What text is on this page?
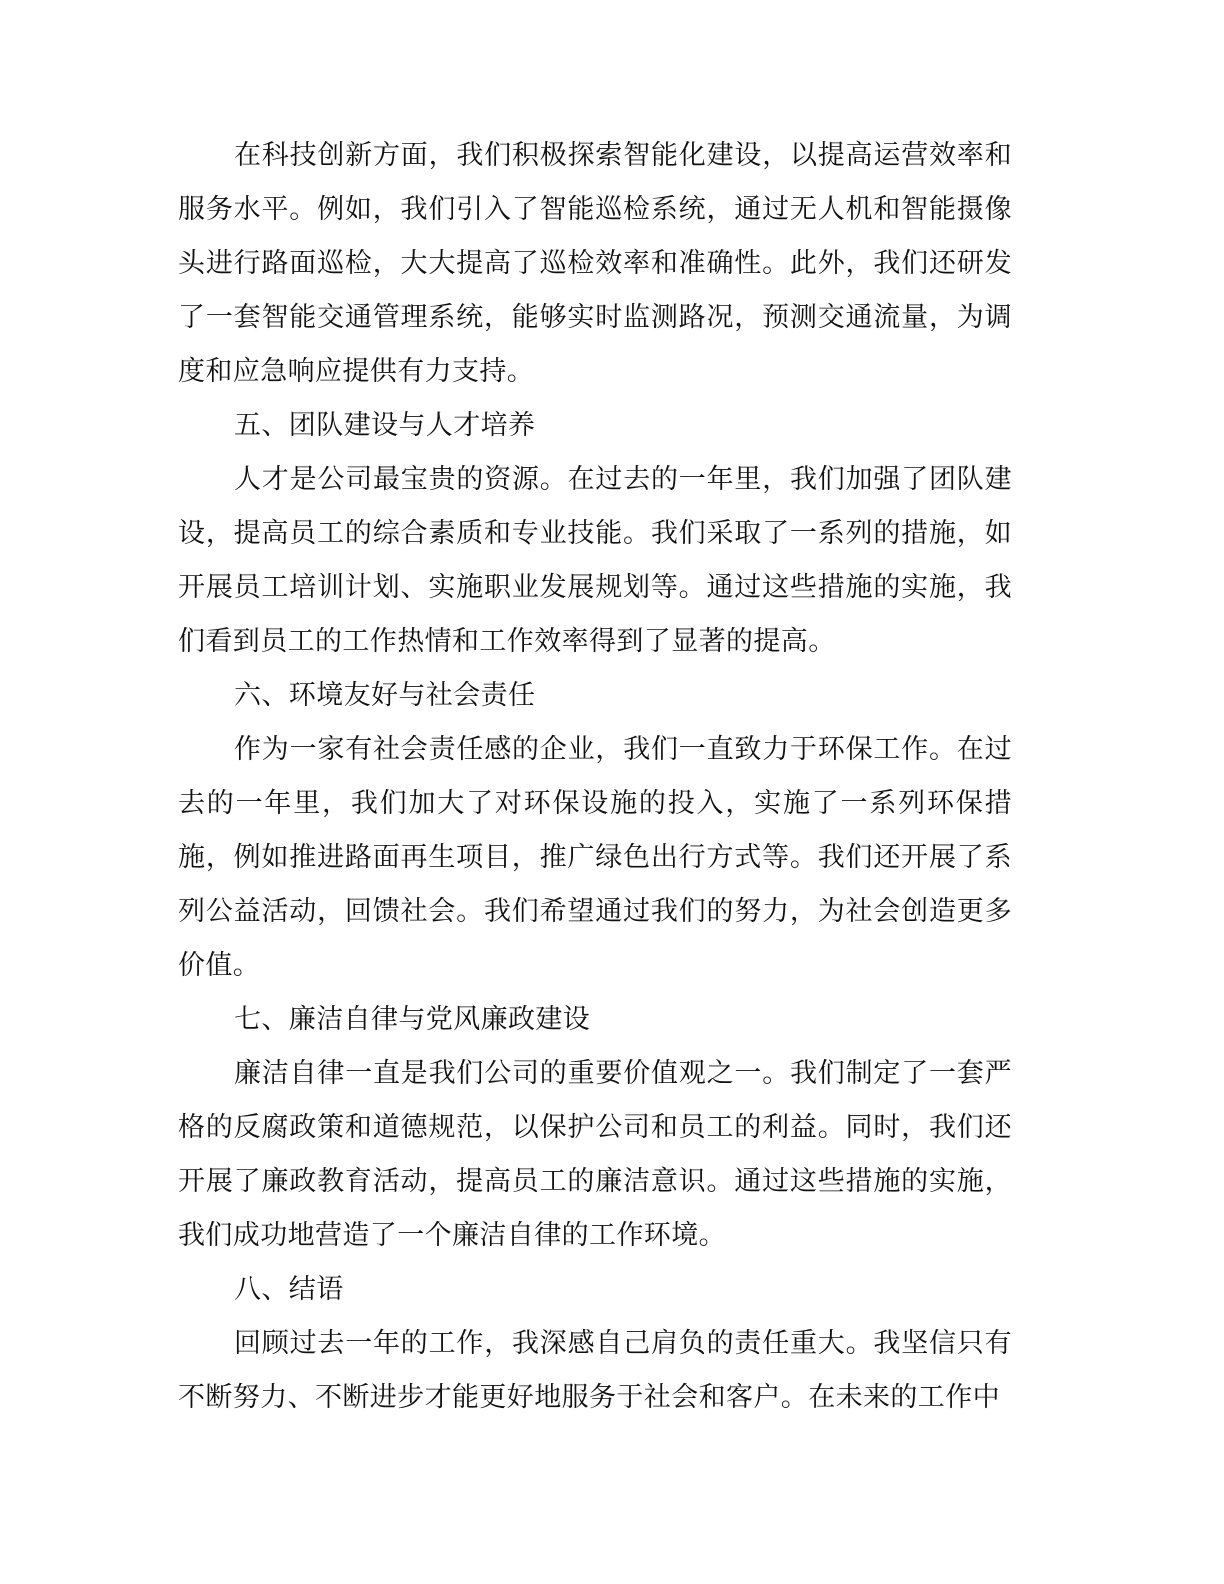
在科技创新方面，我们积极探索智能化建设，以提高运营效率和服务水平。例如，我们引入了智能巡检系统，通过无人机和智能摄像头进行路面巡检，大大提高了巡检效率和准确性。此外，我们还研发了一套智能交通管理系统，能够实时监测路况，预测交通流量，为调度和应急响应提供有力支持。

五、团队建设与人才培养

人才是公司最宝贵的资源。在过去的一年里，我们加强了团队建设，提高员工的综合素质和专业技能。我们采取了一系列的措施，如开展员工培训计划、实施职业发展规划等。通过这些措施的实施，我们看到员工的工作热情和工作效率得到了显著的提高。

六、环境友好与社会责任

作为一家有社会责任感的企业，我们一直致力于环保工作。在过去的一年里，我们加大了对环保设施的投入，实施了一系列环保措施，例如推进路面再生项目，推广绿色出行方式等。我们还开展了系列公益活动，回馈社会。我们希望通过我们的努力，为社会创造更多价值。

七、廉洁自律与党风廉政建设

廉洁自律一直是我们公司的重要价值观之一。我们制定了一套严格的反腐政策和道德规范，以保护公司和员工的利益。同时，我们还开展了廉政教育活动，提高员工的廉洁意识。通过这些措施的实施，我们成功地营造了一个廉洁自律的工作环境。

八、结语

回顾过去一年的工作，我深感自己肩负的责任重大。我坚信只有不断努力、不断进步才能更好地服务于社会和客户。在未来的工作中
